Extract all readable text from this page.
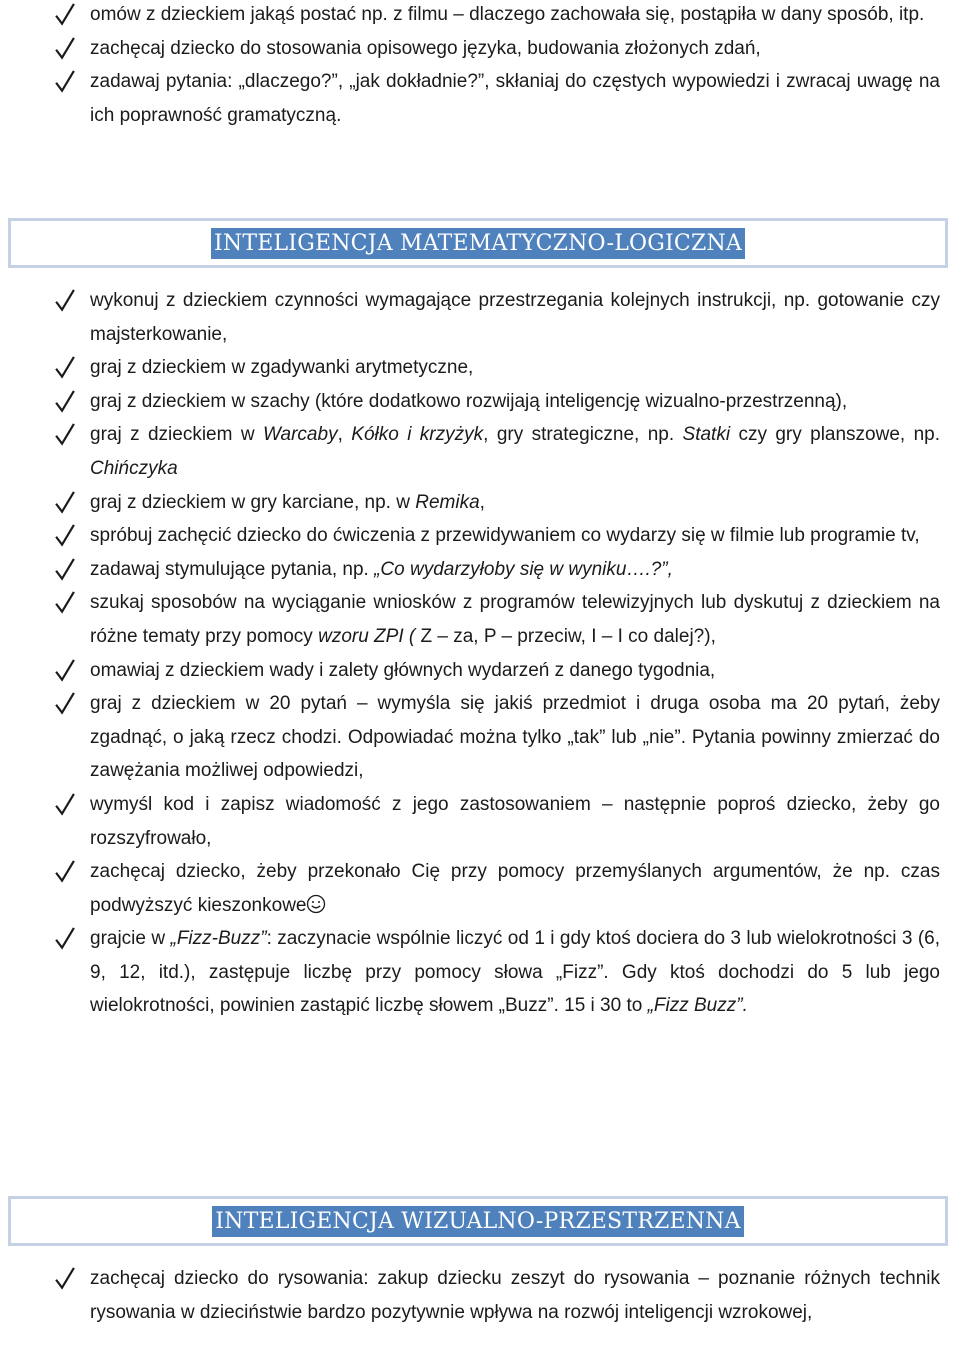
omów z dzieckiem jakąś postać np. z filmu – dlaczego zachowała się, postąpiła w dany sposób, itp.
zachęcaj dziecko do stosowania opisowego języka, budowania złożonych zdań,
zadawaj pytania: „dlaczego?”, „jak dokładnie?”, skłaniaj do częstych wypowiedzi i zwracaj uwagę na ich poprawność gramatyczną.
INTELIGENCJA MATEMATYCZNO-LOGICZNA
wykonuj z dzieckiem czynności wymagające przestrzegania kolejnych instrukcji, np. gotowanie czy majsterkowanie,
graj z dzieckiem w zgadywanki arytmetyczne,
graj z dzieckiem w szachy (które dodatkowo rozwijają inteligencję wizualno-przestrzenną),
graj z dzieckiem w Warcaby, Kółko i krzyżyk, gry strategiczne, np. Statki czy gry planszowe, np. Chińczyka
graj z dzieckiem w gry karciane, np. w Remika,
spróbuj zachęcić dziecko do ćwiczenia z przewidywaniem co wydarzy się w filmie lub programie tv,
zadawaj stymulujące pytania, np. „Co wydarzyłoby się w wyniku….?”,
szukaj sposobów na wyciąganie wniosków z programów telewizyjnych lub dyskutuj z dzieckiem na różne tematy przy pomocy wzoru ZPI ( Z – za, P – przeciw, I – I co dalej?),
omawiaj z dzieckiem wady i zalety głównych wydarzeń z danego tygodnia,
graj z dzieckiem w 20 pytań – wymyśla się jakiś przedmiot i druga osoba ma 20 pytań, żeby zgadnąć, o jaką rzecz chodzi. Odpowiadać można tylko „tak” lub „nie”. Pytania powinny zmierzać do zawężania możliwej odpowiedzi,
wymyśl kod i zapisz wiadomość z jego zastosowaniem – następnie poproś dziecko, żeby go rozszyfrowało,
zachęcaj dziecko, żeby przekonało Cię przy pomocy przemyślanych argumentów, że np. czas podwyższyć kieszonkowe
grajcie w „Fizz-Buzz”: zaczynacie wspólnie liczyć od 1 i gdy ktoś dociera do 3 lub wielokrotności 3 (6, 9, 12, itd.), zastępuje liczbę przy pomocy słowa „Fizz”. Gdy ktoś dochodzi do 5 lub jego wielokrotności, powinien zastąpić liczbę słowem „Buzz”. 15 i 30 to „Fizz Buzz”.
INTELIGENCJA WIZUALNO-PRZESTRZENNA
zachęcaj dziecko do rysowania: zakup dziecku zeszyt do rysowania – poznanie różnych technik rysowania w dzieciństwie bardzo pozytywnie wpływa na rozwój inteligencji wzrokowej,
